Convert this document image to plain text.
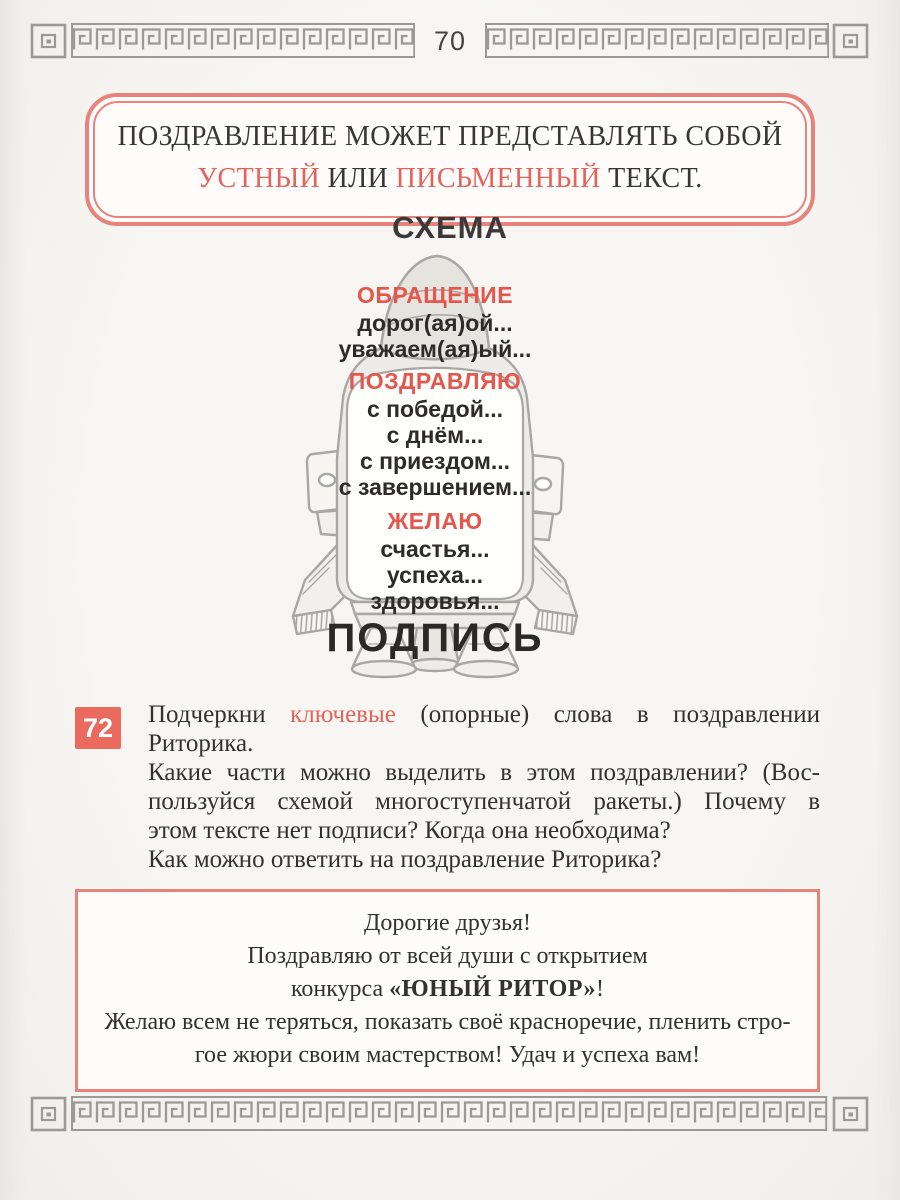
70
ПОЗДРАВЛЕНИЕ МОЖЕТ ПРЕДСТАВЛЯТЬ СОБОЙ
УСТНЫЙ ИЛИ ПИСЬМЕННЫЙ ТЕКСТ.
СХЕМА
ОБРАЩЕНИЕ
дорог(ая)ой...
уважаем(ая)ый...
ПОЗДРАВЛЯЮ
с победой...
с днём...
с приездом...
с завершением...
ЖЕЛАЮ
счастья...
успеха...
здоровья...
ПОДПИСЬ
72	Подчеркни ключевые (опорные) слова в поздравлении
Риторика.
Какие части можно выделить в этом поздравлении? (Вос-
пользуйся схемой многоступенчатой ракеты.) Почему в
этом тексте нет подписи? Когда она необходима?
Как можно ответить на поздравление Риторика?
Дорогие друзья!
Поздравляю от всей души с открытием
конкурса «ЮНЫЙ РИТОР»!
Желаю всем не теряться, показать своё красноречие, пленить стро-
гое жюри своим мастерством! Удач и успеха вам!
